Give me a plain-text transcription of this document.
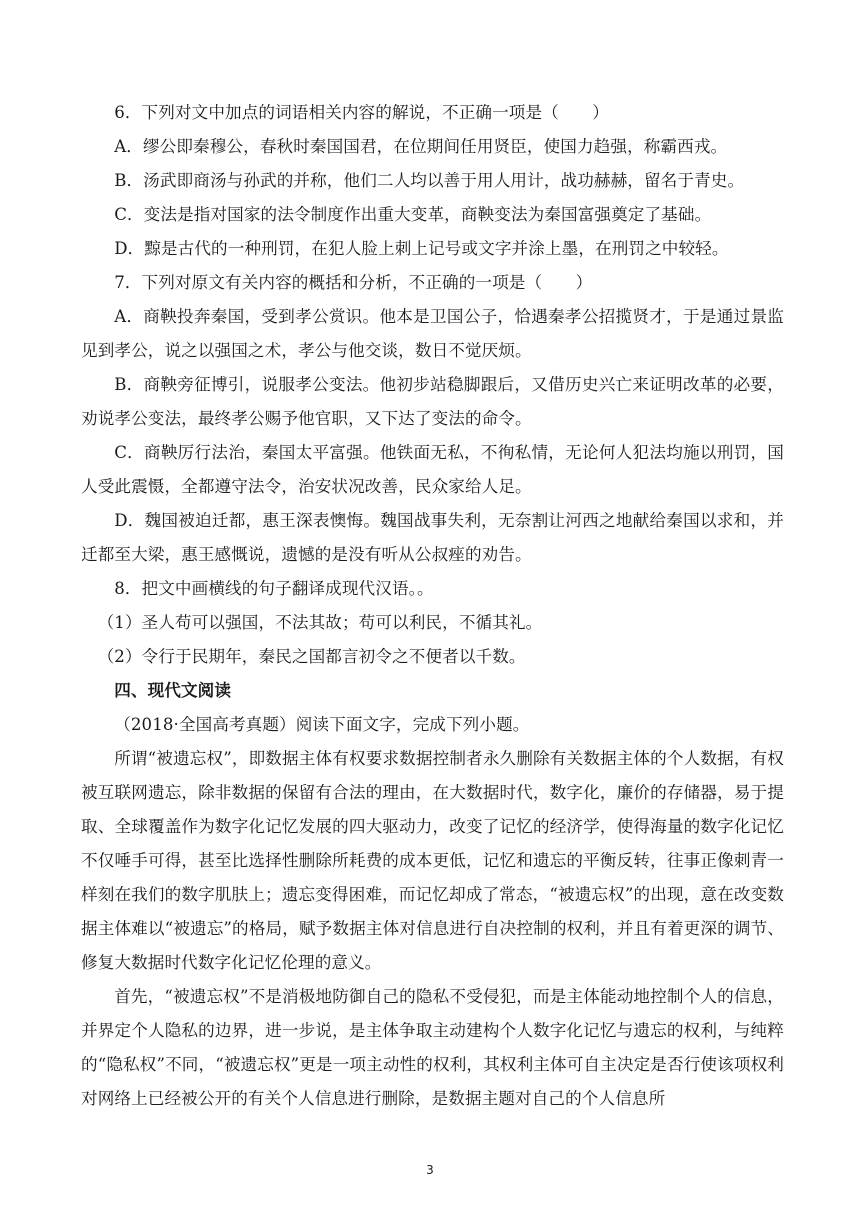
6．下列对文中加点的词语相关内容的解说，不正确一项是（　　）

A．缪公即秦穆公，春秋时秦国国君，在位期间任用贤臣，使国力趋强，称霸西戎。

B．汤武即商汤与孙武的并称，他们二人均以善于用人用计，战功赫赫，留名于青史。

C．变法是指对国家的法令制度作出重大变革，商鞅变法为秦国富强奠定了基础。

D．黥是古代的一种刑罚，在犯人脸上刺上记号或文字并涂上墨，在刑罚之中较轻。

7．下列对原文有关内容的概括和分析，不正确的一项是（　　）

A．商鞅投奔秦国，受到孝公赏识。他本是卫国公子，恰遇秦孝公招揽贤才，于是通过景监见到孝公，说之以强国之术，孝公与他交谈，数日不觉厌烦。

B．商鞅旁征博引，说服孝公变法。他初步站稳脚跟后，又借历史兴亡来证明改革的必要，劝说孝公变法，最终孝公赐予他官职，又下达了变法的命令。

C．商鞅厉行法治，秦国太平富强。他铁面无私，不徇私情，无论何人犯法均施以刑罚，国人受此震慑，全都遵守法令，治安状况改善，民众家给人足。

D．魏国被迫迁都，惠王深表懊悔。魏国战事失利，无奈割让河西之地献给秦国以求和，并迁都至大梁，惠王感慨说，遗憾的是没有听从公叔痤的劝告。

8．把文中画横线的句子翻译成现代汉语。。

（1）圣人苟可以强国，不法其故；苟可以利民，不循其礼。

（2）令行于民期年，秦民之国都言初令之不便者以千数。

四、现代文阅读

（2018·全国高考真题）阅读下面文字，完成下列小题。

所谓“被遗忘权”，即数据主体有权要求数据控制者永久删除有关数据主体的个人数据，有权被互联网遗忘，除非数据的保留有合法的理由，在大数据时代，数字化，廉价的存储器，易于提取、全球覆盖作为数字化记忆发展的四大驱动力，改变了记忆的经济学，使得海量的数字化记忆不仅唾手可得，甚至比选择性删除所耗费的成本更低，记忆和遗忘的平衡反转，往事正像刺青一样刻在我们的数字肌肤上；遗忘变得困难，而记忆却成了常态，“被遗忘权”的出现，意在改变数据主体难以“被遗忘”的格局，赋予数据主体对信息进行自决控制的权利，并且有着更深的调节、修复大数据时代数字化记忆伦理的意义。

首先，“被遗忘权”不是消极地防御自己的隐私不受侵犯，而是主体能动地控制个人的信息，并界定个人隐私的边界，进一步说，是主体争取主动建构个人数字化记忆与遗忘的权利，与纯粹的“隐私权”不同，“被遗忘权”更是一项主动性的权利，其权利主体可自主决定是否行使该项权利对网络上已经被公开的有关个人信息进行删除，是数据主题对自己的个人信息所

3
